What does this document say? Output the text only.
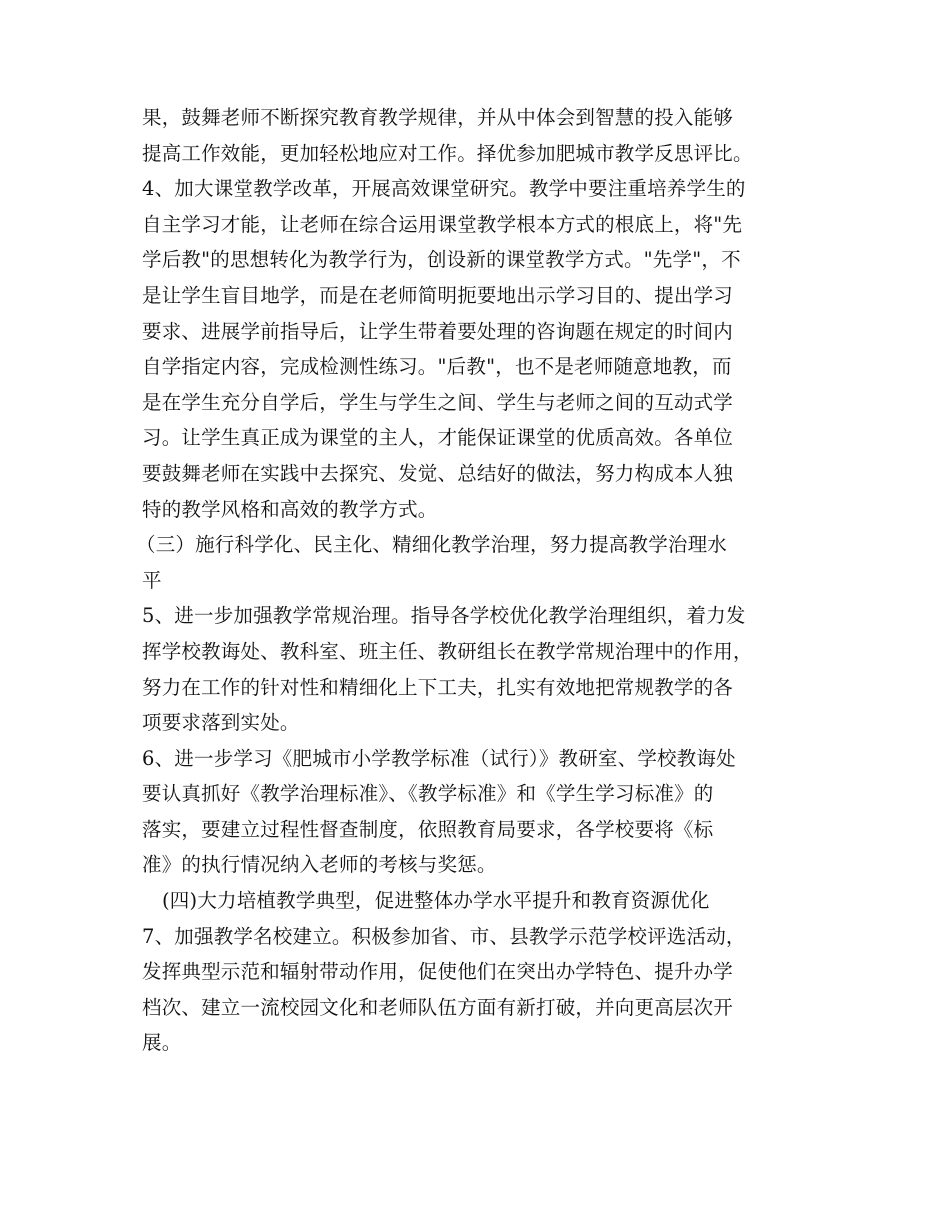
果，鼓舞老师不断探究教育教学规律，并从中体会到智慧的投入能够
提高工作效能，更加轻松地应对工作。择优参加肥城市教学反思评比。
4、加大课堂教学改革，开展高效课堂研究。教学中要注重培养学生的
自主学习才能，让老师在综合运用课堂教学根本方式的根底上，将"先
学后教"的思想转化为教学行为，创设新的课堂教学方式。"先学"，不
是让学生盲目地学，而是在老师简明扼要地出示学习目的、提出学习
要求、进展学前指导后，让学生带着要处理的咨询题在规定的时间内
自学指定内容，完成检测性练习。"后教"，也不是老师随意地教，而
是在学生充分自学后，学生与学生之间、学生与老师之间的互动式学
习。让学生真正成为课堂的主人，才能保证课堂的优质高效。各单位
要鼓舞老师在实践中去探究、发觉、总结好的做法，努力构成本人独
特的教学风格和高效的教学方式。
（三）施行科学化、民主化、精细化教学治理，努力提高教学治理水
平
5、进一步加强教学常规治理。指导各学校优化教学治理组织，着力发
挥学校教诲处、教科室、班主任、教研组长在教学常规治理中的作用，
努力在工作的针对性和精细化上下工夫，扎实有效地把常规教学的各
项要求落到实处。
6、进一步学习《肥城市小学教学标准（试行）》教研室、学校教诲处
要认真抓好《教学治理标准》、《教学标准》和《学生学习标准》的
落实，要建立过程性督查制度，依照教育局要求，各学校要将《标
准》的执行情况纳入老师的考核与奖惩。
(四)大力培植教学典型，促进整体办学水平提升和教育资源优化
7、加强教学名校建立。积极参加省、市、县教学示范学校评选活动，
发挥典型示范和辐射带动作用，促使他们在突出办学特色、提升办学
档次、建立一流校园文化和老师队伍方面有新打破，并向更高层次开
展。
